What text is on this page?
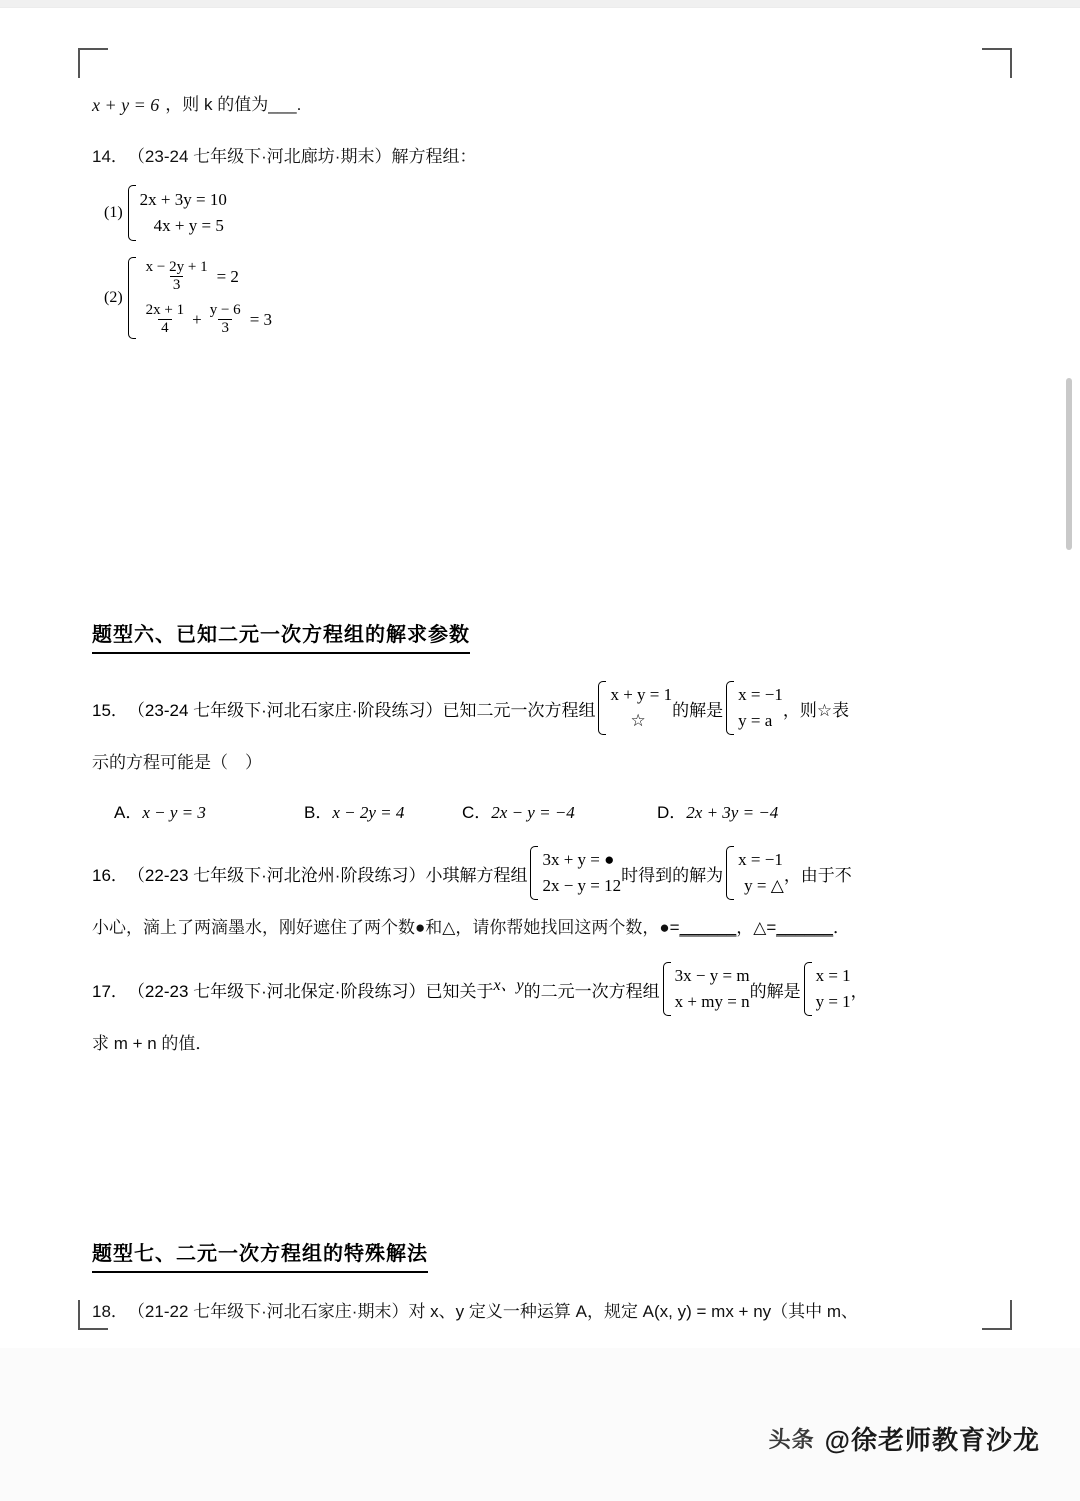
x + y = 6 ，则 k 的值为___.
14． （23-24 七年级下·河北廊坊·期末） 解方程组：
(1)
2x + 3y = 10
4x + y = 5
(2)
$\frac{x - 2y + 1}{3} = 2$
$\frac{2x + 1}{4} + \frac{y - 6}{3} = 3$
题型六、已知二元一次方程组的解求参数
15． （23-24 七年级下·河北石家庄·阶段练习） 已知二元一次方程组
x + y = 1
☆
的解是
x = −1
y = a
，则☆表
示的方程可能是（　）
A．x − y = 3	B．x − 2y = 4	C．2x − y = −4	D．2x + 3y = −4
16． （22-23 七年级下·河北沧州·阶段练习） 小琪解方程组
3x + y = ●
2x − y = 12
时得到的解为
x = −1
y = △
，由于不
小心，滴上了两滴墨水，刚好遮住了两个数●和△，请你帮她找回这两个数，●= ______ ，△= ______ ．
17． （22-23 七年级下·河北保定·阶段练习） 已知关于 x、y 的二元一次方程组
3x − y = m
x + my = n
的解是
x = 1
y = 1
，
求 m + n 的值．
题型七、二元一次方程组的特殊解法
18． （21-22 七年级下·河北石家庄·期末） 对 x、y 定义一种运算 A，规定 A(x, y) = mx + ny（其中 m、
头条 @徐老师教育沙龙
